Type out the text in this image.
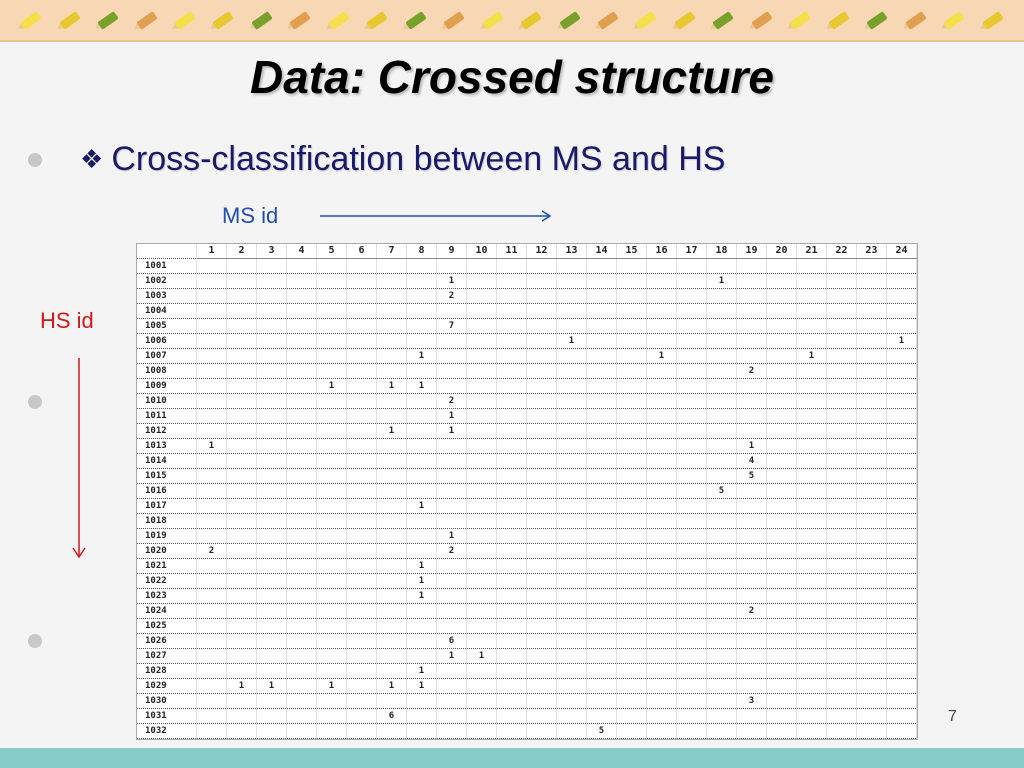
Data: Crossed structure
❖ Cross-classification between MS and HS
MS id
HS id
	1	2	3	4	5	6	7	8	9	10	11	12	13	14	15	16	17	18	19	20	21	22	23	24
1001																								
1002									1									1						
1003									2															
1004																								
1005									7															
1006													1											1
1007								1								1					1			
1008																			2					
1009					1		1	1																
1010									2															
1011									1															
1012							1		1															
1013	1																		1					
1014																			4					
1015																			5					
1016																		5						
1017								1																
1018																								
1019									1															
1020	2								2															
1021								1																
1022								1																
1023								1																
1024																			2					
1025																								
1026									6															
1027									1	1														
1028								1																
1029		1	1		1		1	1																
1030																			3					
1031							6																	
1032														5										
7
